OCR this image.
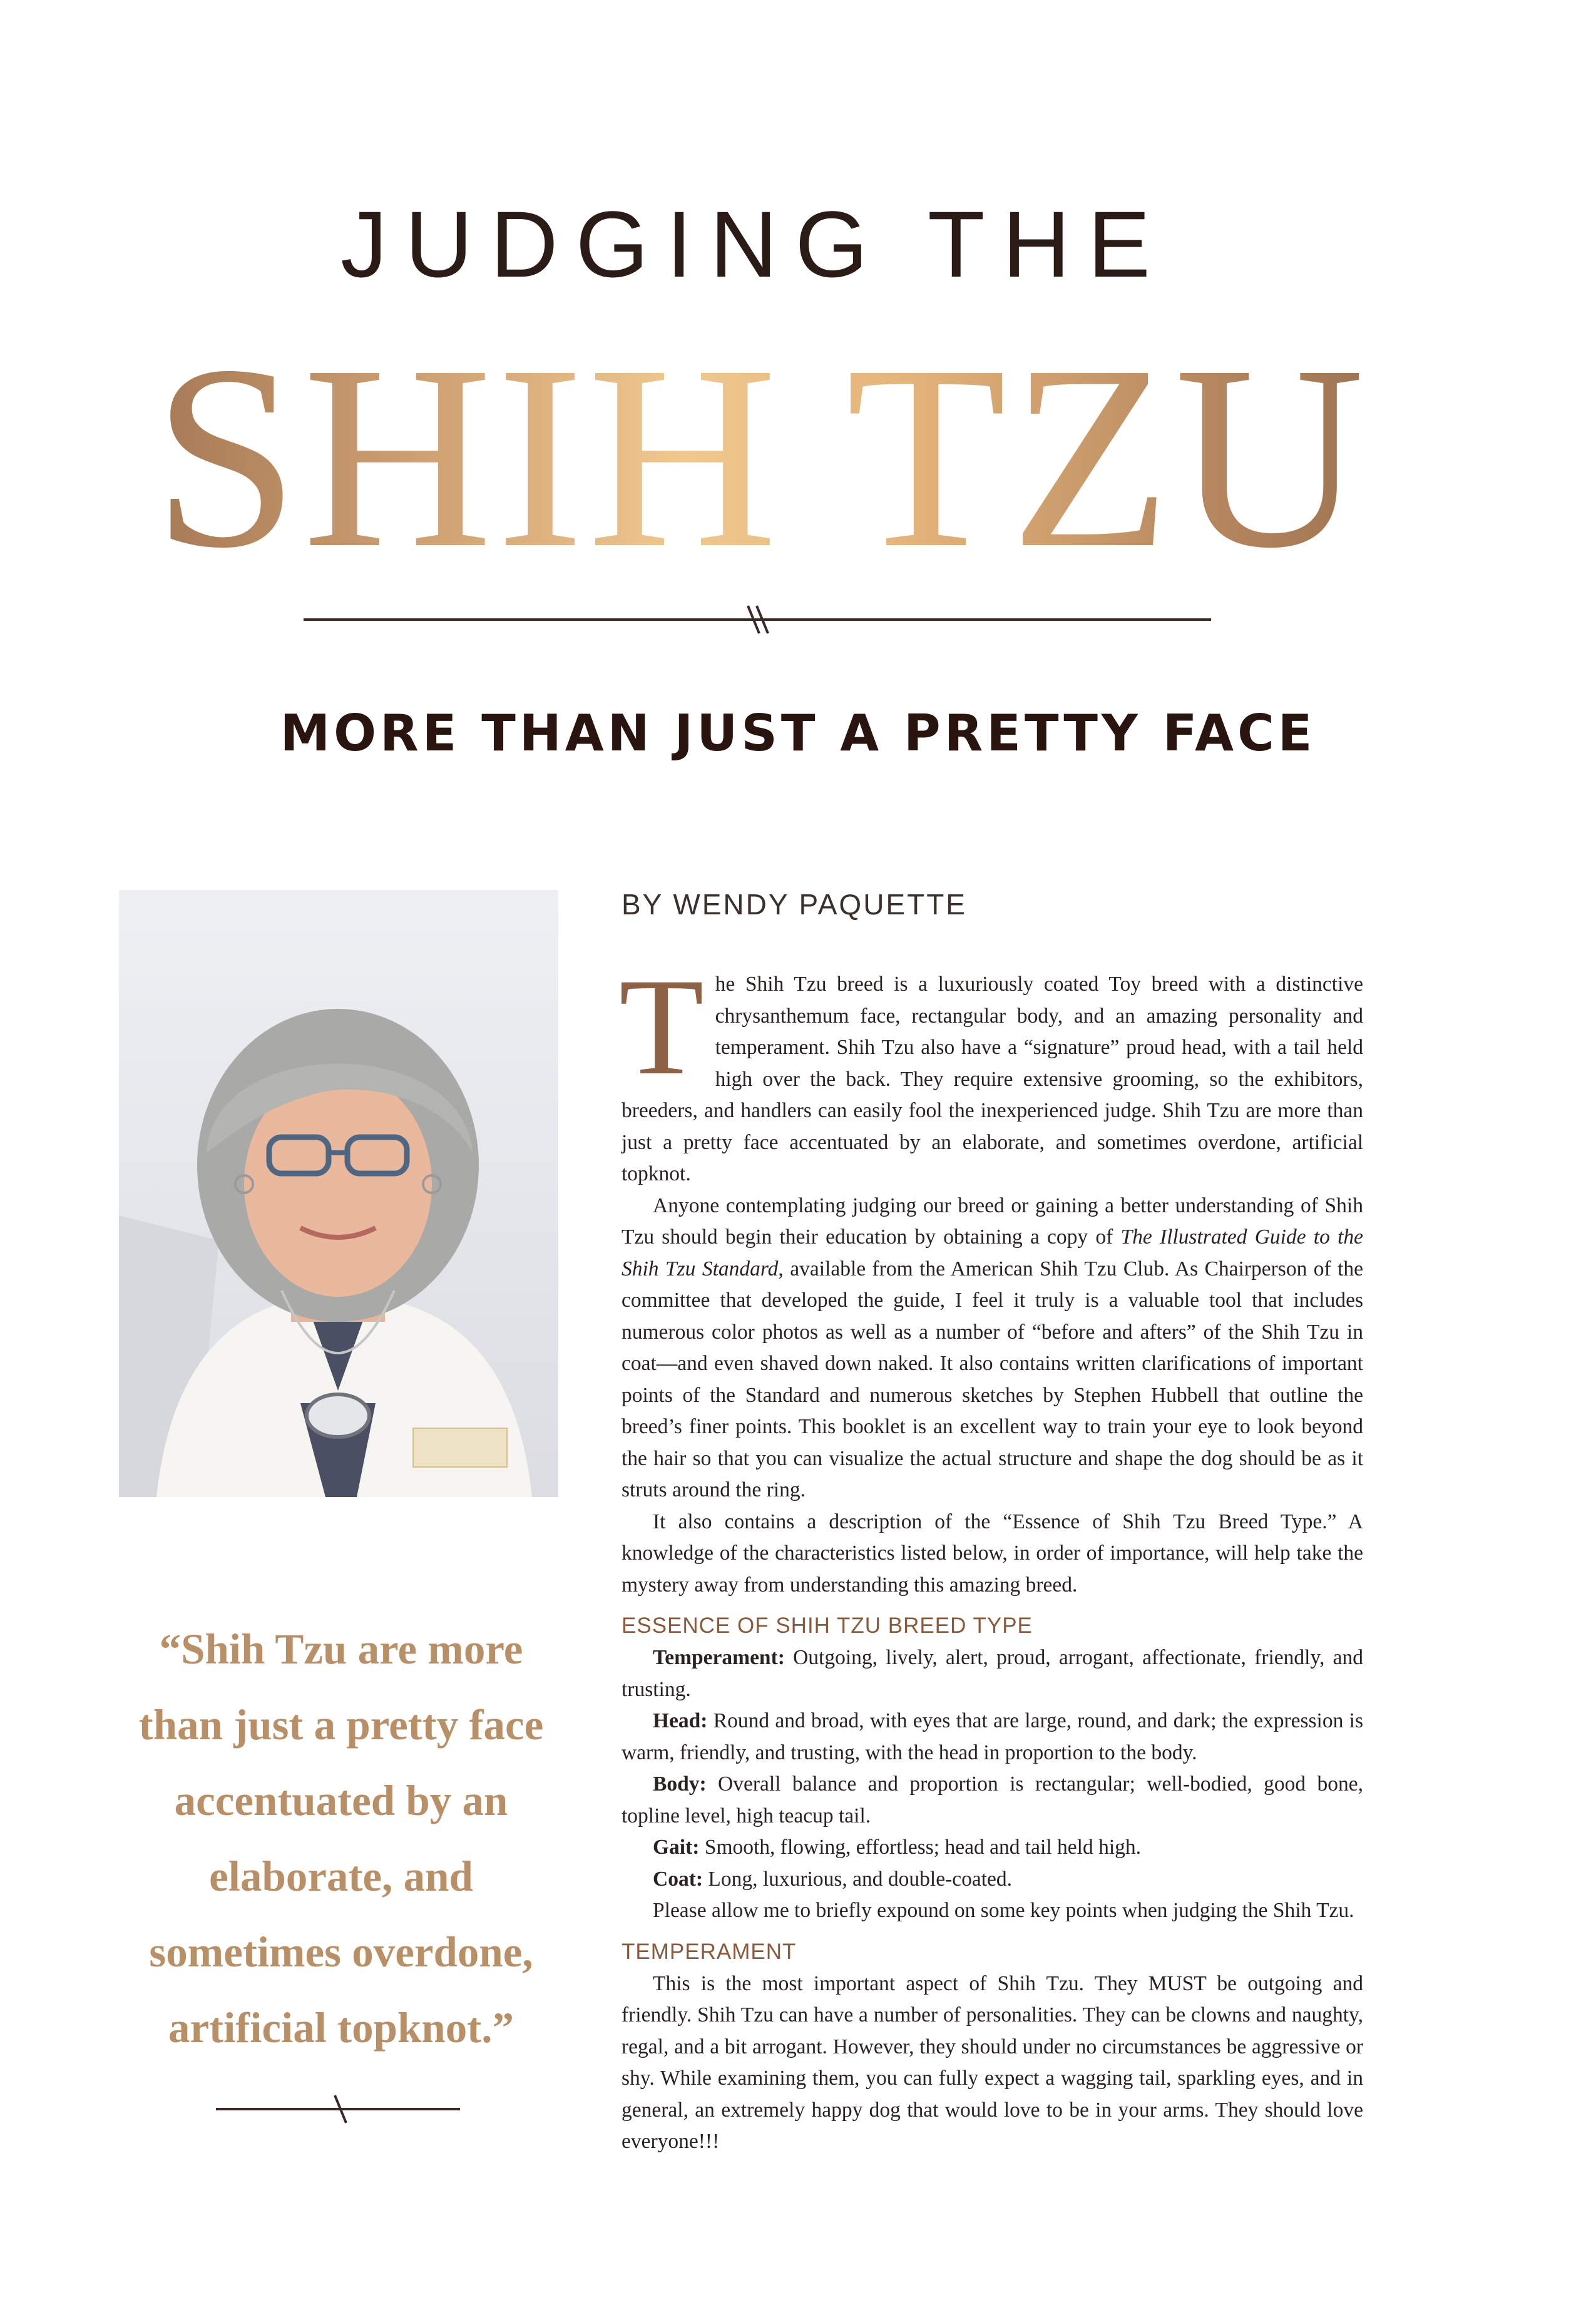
JUDGING THE
SHIH TZU
MORE THAN JUST A PRETTY FACE
BY WENDY PAQUETTE

The Shih Tzu breed is a luxuriously coated Toy breed with a distinctive chrysanthemum face, rectangular body, and an amazing personality and temperament. Shih Tzu also have a “signature” proud head, with a tail held high over the back. They require extensive grooming, so the exhibitors, breeders, and handlers can easily fool the inexperienced judge. Shih Tzu are more than just a pretty face accentuated by an elaborate, and sometimes overdone, artificial topknot.

Anyone contemplating judging our breed or gaining a better understanding of Shih Tzu should begin their education by obtaining a copy of The Illustrated Guide to the Shih Tzu Standard, available from the American Shih Tzu Club. As Chairperson of the committee that developed the guide, I feel it truly is a valuable tool that includes numerous color photos as well as a number of “before and afters” of the Shih Tzu in coat—and even shaved down naked. It also contains written clarifications of important points of the Standard and numerous sketches by Stephen Hubbell that outline the breed’s finer points. This booklet is an excellent way to train your eye to look beyond the hair so that you can visualize the actual structure and shape the dog should be as it struts around the ring.

It also contains a description of the “Essence of Shih Tzu Breed Type.” A knowledge of the characteristics listed below, in order of importance, will help take the mystery away from understanding this amazing breed.

ESSENCE OF SHIH TZU BREED TYPE

Temperament: Outgoing, lively, alert, proud, arrogant, affectionate, friendly, and trusting.

Head: Round and broad, with eyes that are large, round, and dark; the expression is warm, friendly, and trusting, with the head in proportion to the body.

Body: Overall balance and proportion is rectangular; well-bodied, good bone, topline level, high teacup tail.

Gait: Smooth, flowing, effortless; head and tail held high.

Coat: Long, luxurious, and double-coated.

Please allow me to briefly expound on some key points when judging the Shih Tzu.

TEMPERAMENT

This is the most important aspect of Shih Tzu. They MUST be outgoing and friendly. Shih Tzu can have a number of personalities. They can be clowns and naughty, regal, and a bit arrogant. However, they should under no circumstances be aggressive or shy. While examining them, you can fully expect a wagging tail, sparkling eyes, and in general, an extremely happy dog that would love to be in your arms. They should love everyone!!!

“Shih Tzu are more than just a pretty face accentuated by an elaborate, and sometimes overdone, artificial topknot.”
